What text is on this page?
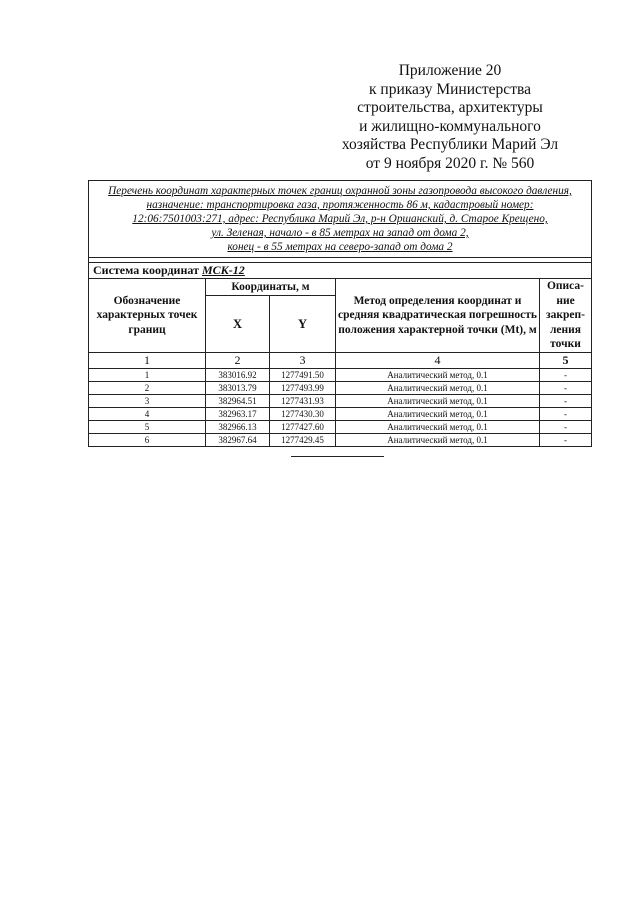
Приложение 20
к приказу Министерства
строительства, архитектуры
и жилищно-коммунального
хозяйства Республики Марий Эл
от 9 ноября 2020 г. № 560
Перечень координат характерных точек границ охранной зоны газопровода высокого давления,
назначение: транспортировка газа, протяженность 86 м, кадастровый номер:
12:06:7501003:271, адрес: Республика Марий Эл, р-н Оршанский, д. Старое Крещено,
ул. Зеленая, начало - в 85 метрах на запад от дома 2,
конец - в 55 метрах на северо-запад от дома 2				

Система координат МСК-12				
Обозначение характерных точек границ	Координаты, м		Метод определения координат и средняя квадратическая погрешность положения характерной точки (Mt), м	Описа-ние закреп-ления точки
	X	Y		
1	2	3	4	5
1	383016.92	1277491.50	Аналитический метод, 0.1	-
2	383013.79	1277493.99	Аналитический метод, 0.1	-
3	382964.51	1277431.93	Аналитический метод, 0.1	-
4	382963.17	1277430.30	Аналитический метод, 0.1	-
5	382966.13	1277427.60	Аналитический метод, 0.1	-
6	382967.64	1277429.45	Аналитический метод, 0.1	-
